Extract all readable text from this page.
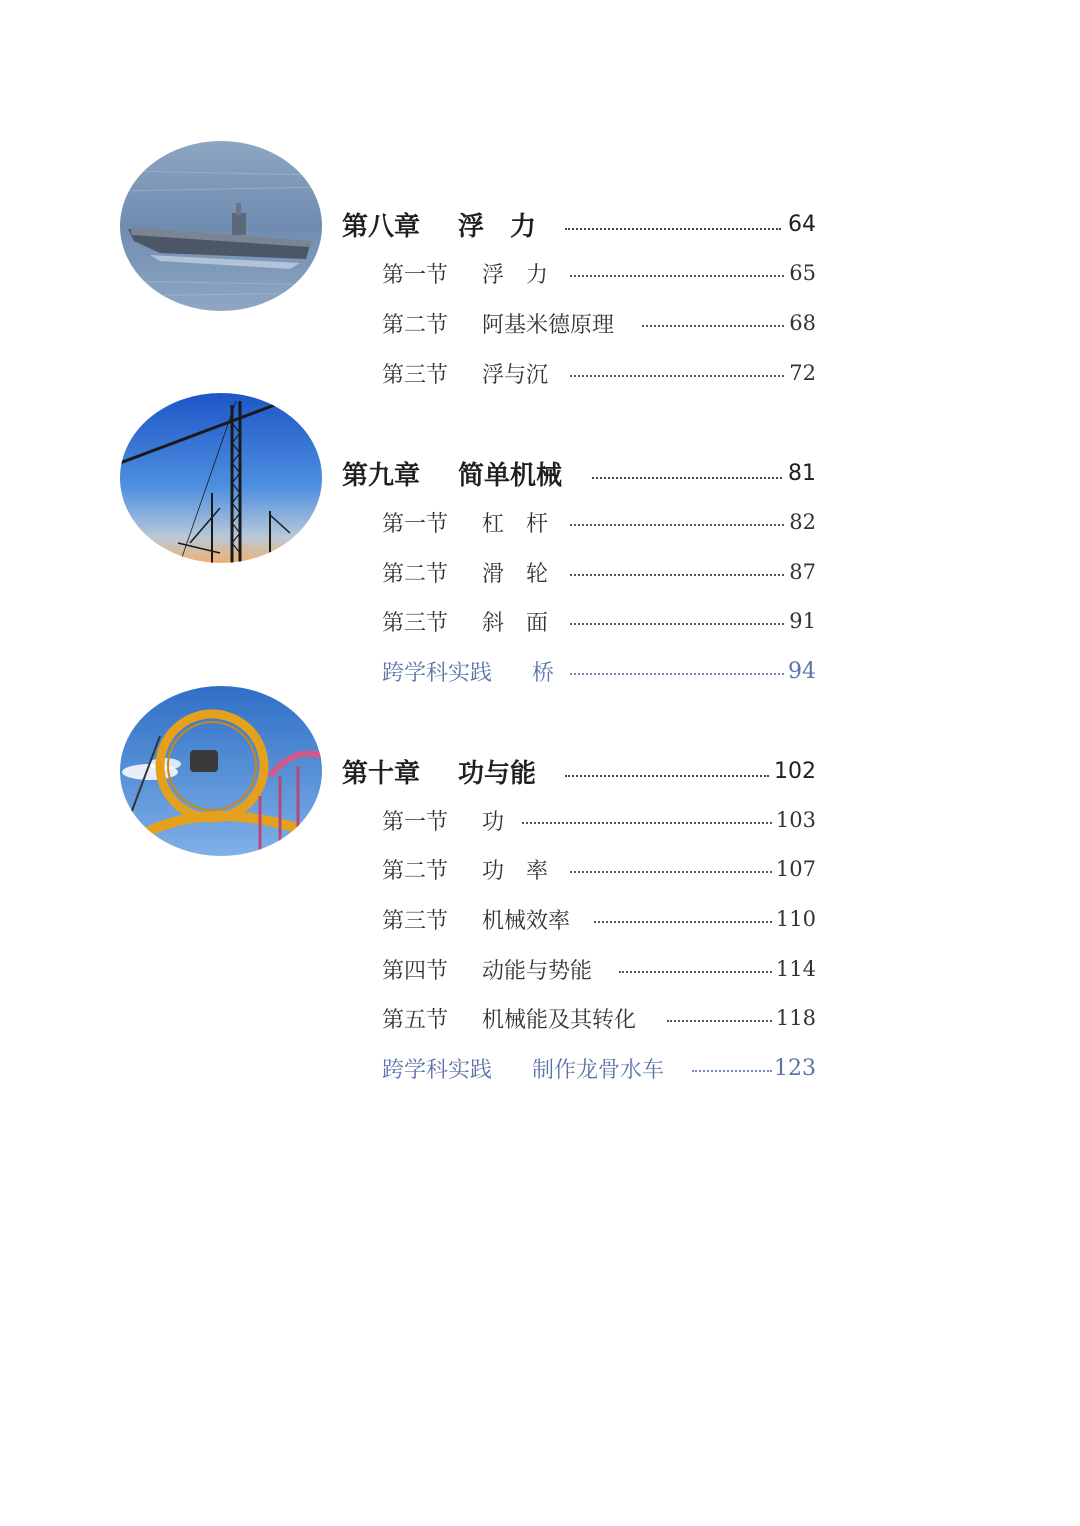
第八章 浮　力	64
第一节 浮　力	65
第二节 阿基米德原理	68
第三节 浮与沉	72
第九章 简单机械	81
第一节 杠　杆	82
第二节 滑　轮	87
第三节 斜　面	91
跨学科实践 桥	94
第十章 功与能	102
第一节 功	103
第二节 功　率	107
第三节 机械效率	110
第四节 动能与势能	114
第五节 机械能及其转化	118
跨学科实践 制作龙骨水车	123
